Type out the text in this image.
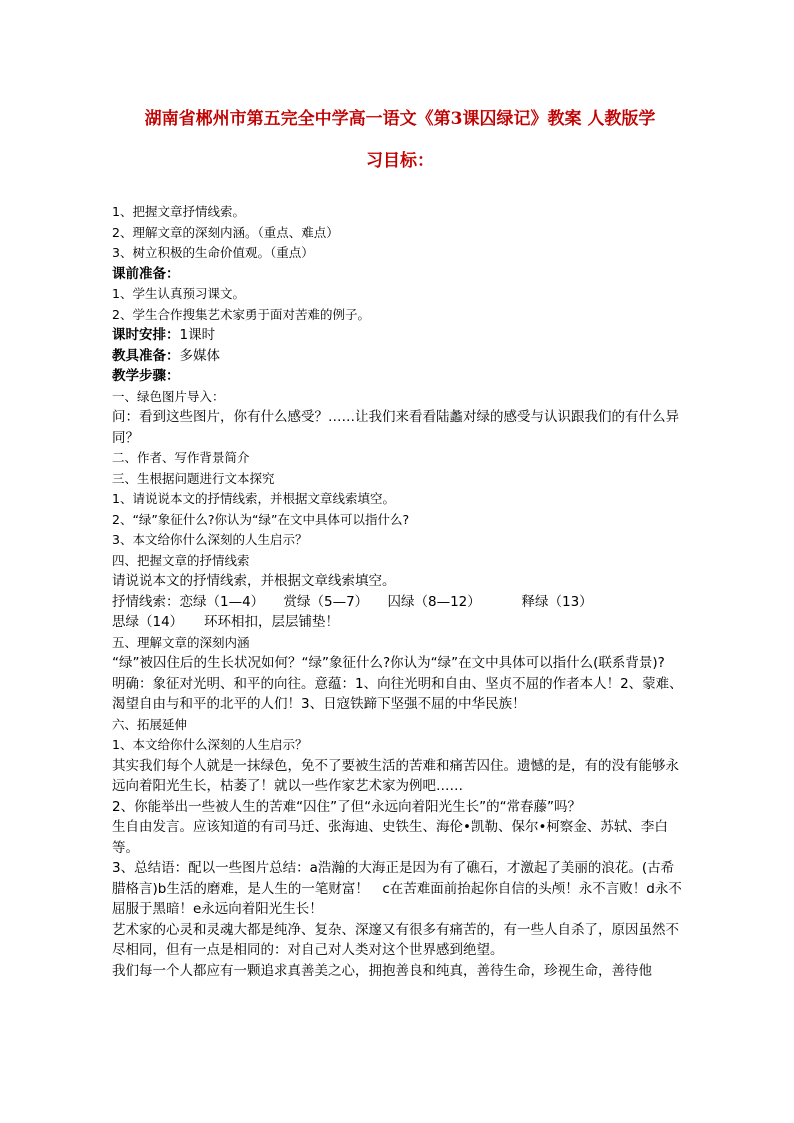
湖南省郴州市第五完全中学高一语文《第3课囚绿记》教案 人教版学
习目标：

1、把握文章抒情线索。

2、理解文章的深刻内涵。（重点、难点）

3、树立积极的生命价值观。（重点）

课前准备：

1、学生认真预习课文。

2、学生合作搜集艺术家勇于面对苦难的例子。

课时安排：1课时

教具准备：多媒体

教学步骤：

一、绿色图片导入：

问：看到这些图片，你有什么感受？……让我们来看看陆蠡对绿的感受与认识跟我们的有什么异同？

二、作者、写作背景简介

三、生根据问题进行文本探究

1、请说说本文的抒情线索，并根据文章线索填空。

2、“绿”象征什么?你认为“绿”在文中具体可以指什么?

3、本文给你什么深刻的人生启示？

四、把握文章的抒情线索

请说说本文的抒情线索，并根据文章线索填空。

抒情线索：恋绿（1—4） 赏绿（5—7） 囚绿（8—12）	释绿（13）

思绿（14） 环环相扣，层层铺垫！

五、理解文章的深刻内涵

“绿”被囚住后的生长状况如何？“绿”象征什么?你认为“绿”在文中具体可以指什么(联系背景)?

明确：象征对光明、和平的向往。意蕴：1、向往光明和自由、坚贞不屈的作者本人！2、蒙难、渴望自由与和平的北平的人们！3、日寇铁蹄下坚强不屈的中华民族！

六、拓展延伸

1、本文给你什么深刻的人生启示？

其实我们每个人就是一抹绿色，免不了要被生活的苦难和痛苦囚住。遗憾的是，有的没有能够永远向着阳光生长，枯萎了！就以一些作家艺术家为例吧……

2、你能举出一些被人生的苦难“囚住”了但“永远向着阳光生长”的“常春藤”吗？

生自由发言。应该知道的有司马迁、张海迪、史铁生、海伦•凯勒、保尔•柯察金、苏轼、李白等。

3、总结语：配以一些图片总结：a浩瀚的大海正是因为有了礁石，才激起了美丽的浪花。(古希腊格言)b生活的磨难，是人生的一笔财富！　c在苦难面前抬起你自信的头颅！永不言败！d永不屈服于黑暗！e永远向着阳光生长！

艺术家的心灵和灵魂大都是纯净、复杂、深邃又有很多有痛苦的，有一些人自杀了，原因虽然不尽相同，但有一点是相同的：对自己对人类对这个世界感到绝望。

我们每一个人都应有一颗追求真善美之心，拥抱善良和纯真，善待生命，珍视生命，善待他
